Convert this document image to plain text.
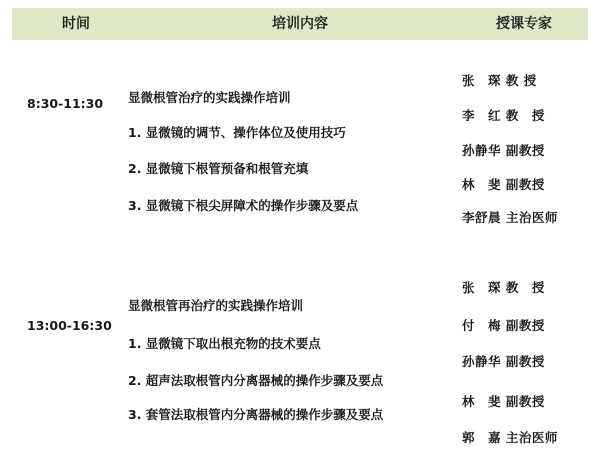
时间	培训内容	授课专家
8:30-11:30 显微根管治疗的实践操作培训
1. 显微镜的调节、操作体位及使用技巧
2. 显微镜下根管预备和根管充填
3. 显微镜下根尖屏障术的操作步骤及要点
张　琛 教 授
李　红 教　授
孙静华 副教授
林　斐 副教授
李舒晨 主治医师
13:00-16:30
显微根管再治疗的实践操作培训
1. 显微镜下取出根充物的技术要点
2. 超声法取根管内分离器械的操作步骤及要点
3. 套管法取根管内分离器械的操作步骤及要点
张　琛 教　授
付　梅 副教授
孙静华 副教授
林　斐 副教授
郭　嘉 主治医师
